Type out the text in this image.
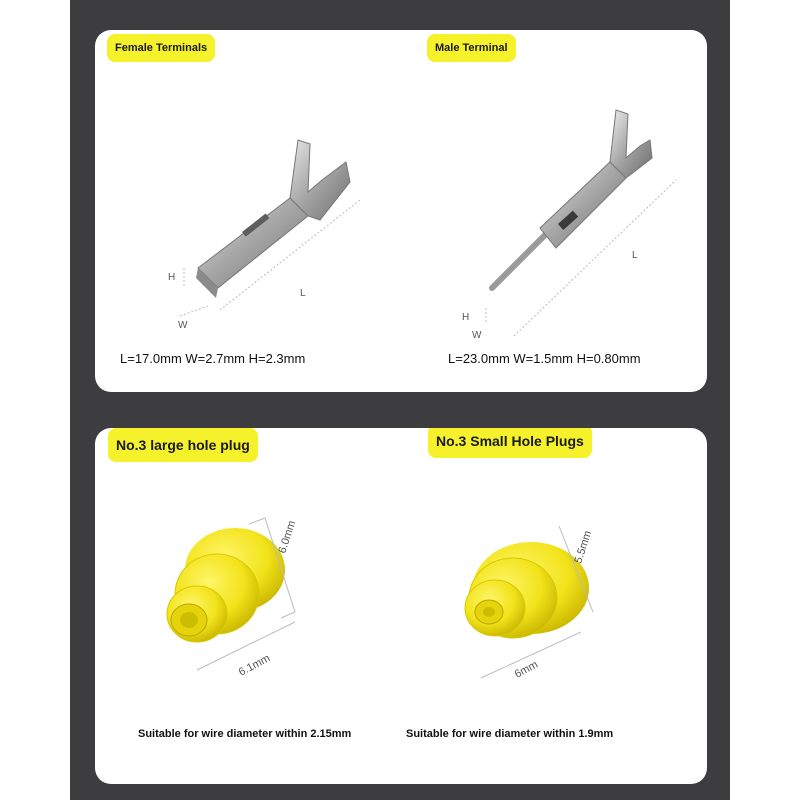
Female Terminals	Male Terminal
L
H
W
L
H
W
L=17.0mm W=2.7mm H=2.3mm	L=23.0mm W=1.5mm H=0.80mm
No.3 large hole plug	No.3 Small Hole Plugs
6.0mm
6.1mm
5.5mm
6mm
Suitable for wire diameter within 2.15mm	Suitable for wire diameter within 1.9mm
